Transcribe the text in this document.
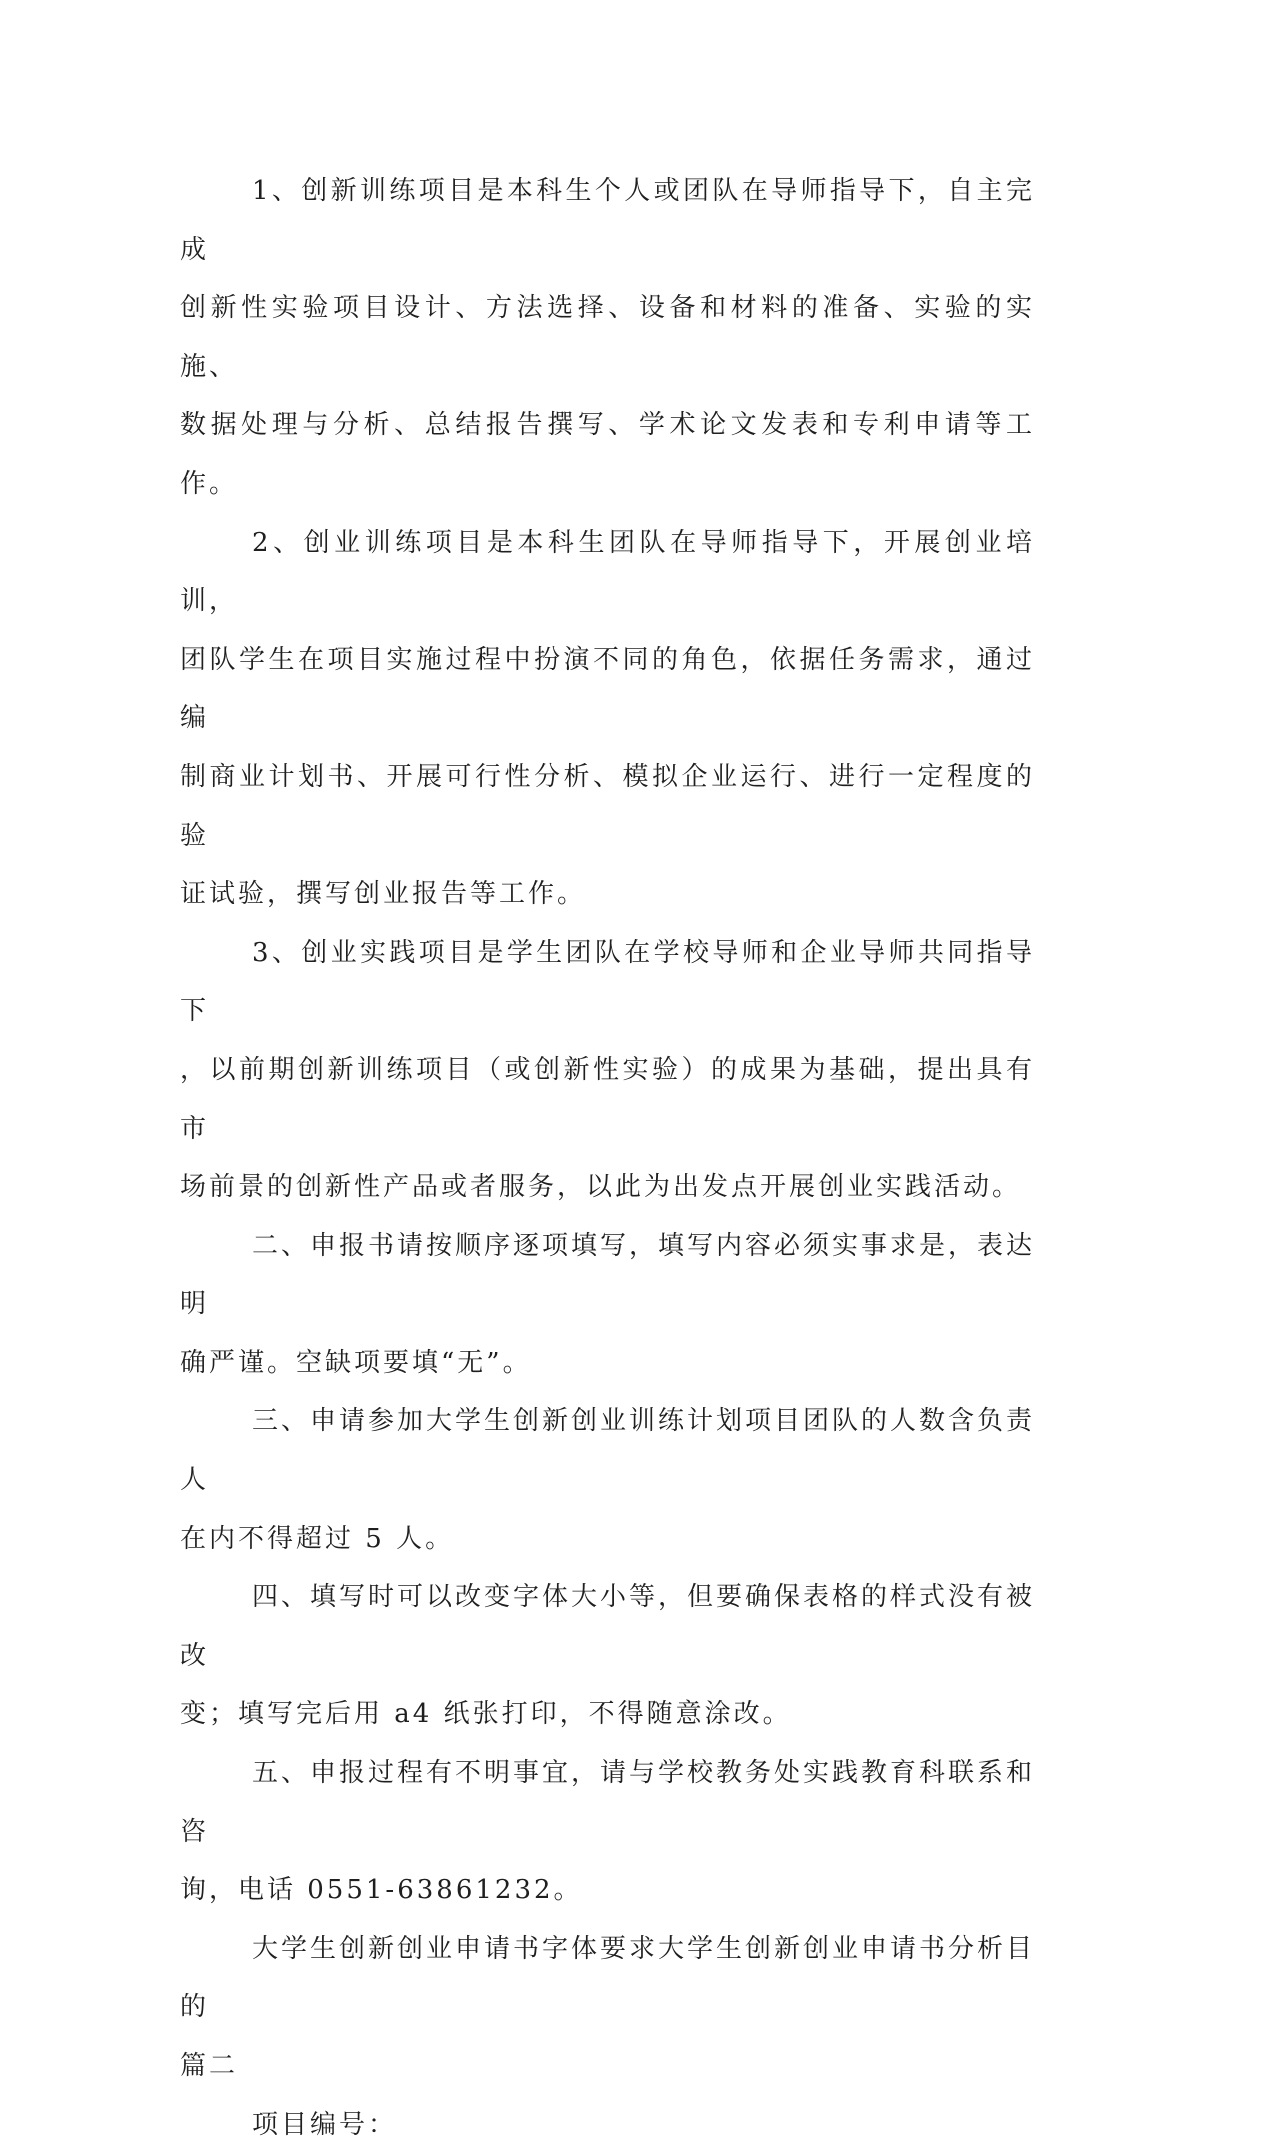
1、创新训练项目是本科生个人或团队在导师指导下，自主完成
创新性实验项目设计、方法选择、设备和材料的准备、实验的实施、
数据处理与分析、总结报告撰写、学术论文发表和专利申请等工作。

2、创业训练项目是本科生团队在导师指导下，开展创业培训，
团队学生在项目实施过程中扮演不同的角色，依据任务需求，通过编
制商业计划书、开展可行性分析、模拟企业运行、进行一定程度的验
证试验，撰写创业报告等工作。

3、创业实践项目是学生团队在学校导师和企业导师共同指导下
，以前期创新训练项目（或创新性实验）的成果为基础，提出具有市
场前景的创新性产品或者服务，以此为出发点开展创业实践活动。

二、申报书请按顺序逐项填写，填写内容必须实事求是，表达明
确严谨。空缺项要填“无”。

三、申请参加大学生创新创业训练计划项目团队的人数含负责人
在内不得超过 5 人。

四、填写时可以改变字体大小等，但要确保表格的样式没有被改
变；填写完后用 a4 纸张打印，不得随意涂改。

五、申报过程有不明事宜，请与学校教务处实践教育科联系和咨
询，电话 0551-63861232。

大学生创新创业申请书字体要求大学生创新创业申请书分析目的
篇二

项目编号：
